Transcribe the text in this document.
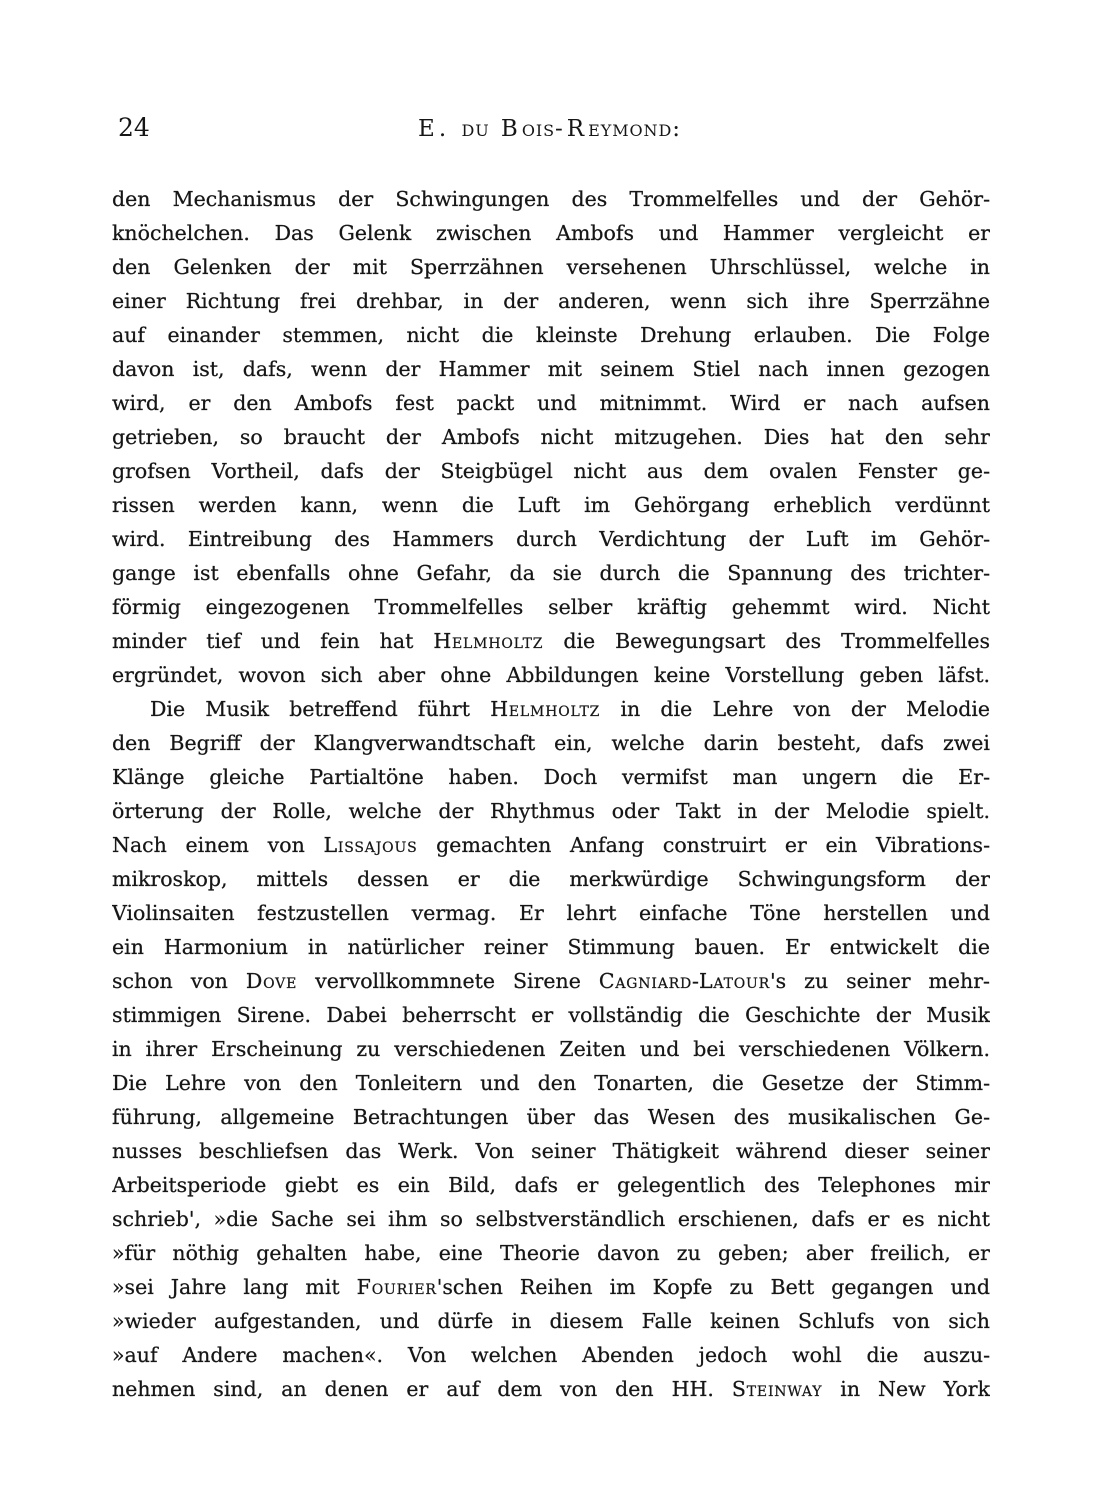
24	E. du Bois-Reymond:
den Mechanismus der Schwingungen des Trommelfelles und der Gehör-
knöchelchen. Das Gelenk zwischen Ambofs und Hammer vergleicht er
den Gelenken der mit Sperrzähnen versehenen Uhrschlüssel, welche in
einer Richtung frei drehbar, in der anderen, wenn sich ihre Sperrzähne
auf einander stemmen, nicht die kleinste Drehung erlauben. Die Folge
davon ist, dafs, wenn der Hammer mit seinem Stiel nach innen gezogen
wird, er den Ambofs fest packt und mitnimmt. Wird er nach aufsen
getrieben, so braucht der Ambofs nicht mitzugehen. Dies hat den sehr
grofsen Vortheil, dafs der Steigbügel nicht aus dem ovalen Fenster ge-
rissen werden kann, wenn die Luft im Gehörgang erheblich verdünnt
wird. Eintreibung des Hammers durch Verdichtung der Luft im Gehör-
gange ist ebenfalls ohne Gefahr, da sie durch die Spannung des trichter-
förmig eingezogenen Trommelfelles selber kräftig gehemmt wird. Nicht
minder tief und fein hat Helmholtz die Bewegungsart des Trommelfelles
ergründet, wovon sich aber ohne Abbildungen keine Vorstellung geben läfst.
Die Musik betreffend führt Helmholtz in die Lehre von der Melodie
den Begriff der Klangverwandtschaft ein, welche darin besteht, dafs zwei
Klänge gleiche Partialtöne haben. Doch vermifst man ungern die Er-
örterung der Rolle, welche der Rhythmus oder Takt in der Melodie spielt.
Nach einem von Lissajous gemachten Anfang construirt er ein Vibrations-
mikroskop, mittels dessen er die merkwürdige Schwingungsform der
Violinsaiten festzustellen vermag. Er lehrt einfache Töne herstellen und
ein Harmonium in natürlicher reiner Stimmung bauen. Er entwickelt die
schon von Dove vervollkommnete Sirene Cagniard-Latour's zu seiner mehr-
stimmigen Sirene. Dabei beherrscht er vollständig die Geschichte der Musik
in ihrer Erscheinung zu verschiedenen Zeiten und bei verschiedenen Völkern.
Die Lehre von den Tonleitern und den Tonarten, die Gesetze der Stimm-
führung, allgemeine Betrachtungen über das Wesen des musikalischen Ge-
nusses beschliefsen das Werk. Von seiner Thätigkeit während dieser seiner
Arbeitsperiode giebt es ein Bild, dafs er gelegentlich des Telephones mir
schrieb', »die Sache sei ihm so selbstverständlich erschienen, dafs er es nicht
»für nöthig gehalten habe, eine Theorie davon zu geben; aber freilich, er
»sei Jahre lang mit Fourier'schen Reihen im Kopfe zu Bett gegangen und
»wieder aufgestanden, und dürfe in diesem Falle keinen Schlufs von sich
»auf Andere machen«. Von welchen Abenden jedoch wohl die auszu-
nehmen sind, an denen er auf dem von den HH. Steinway in New York
